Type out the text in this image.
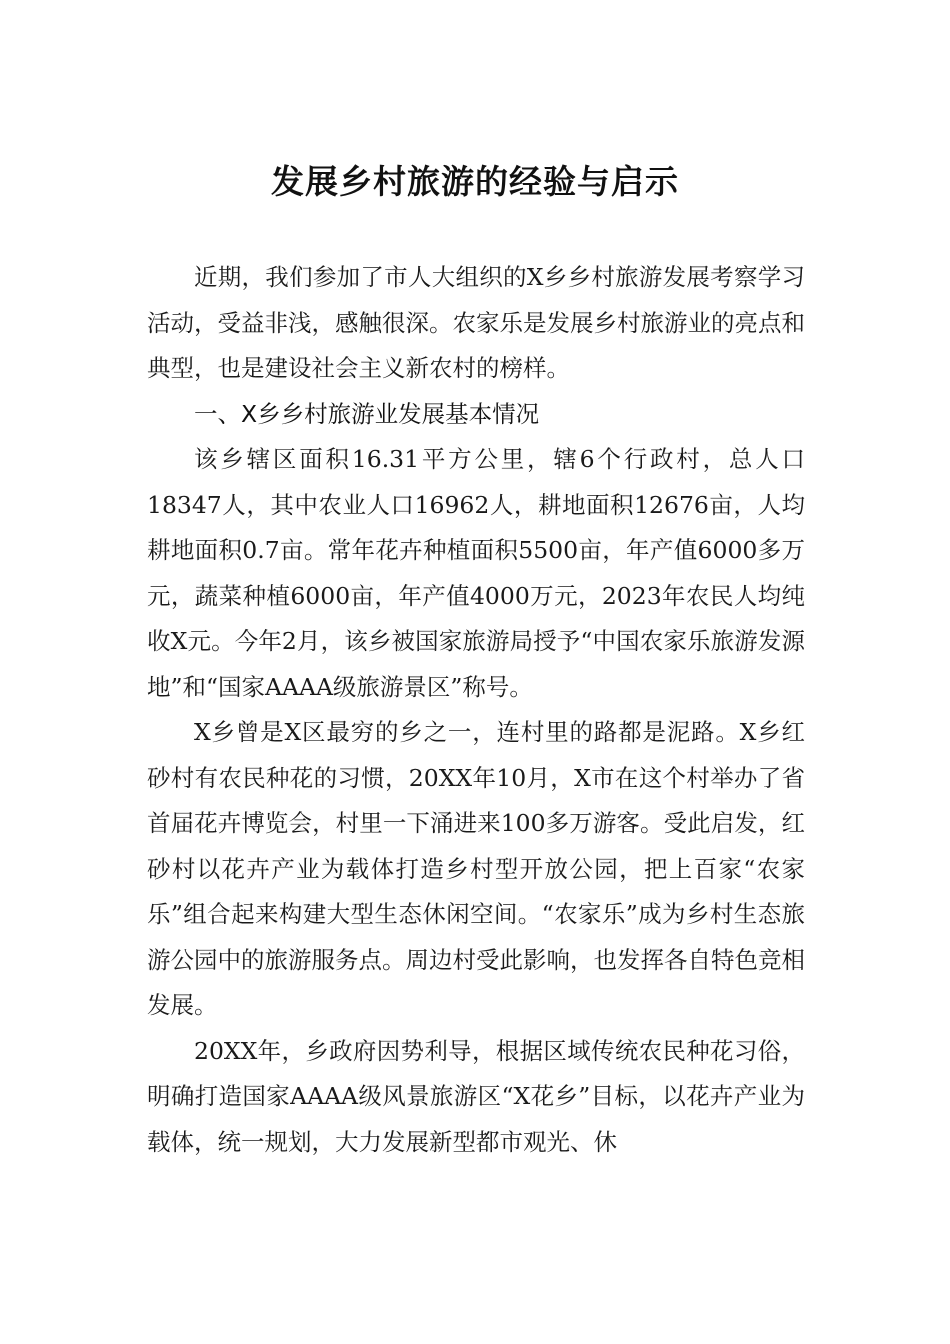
发展乡村旅游的经验与启示

近期，我们参加了市人大组织的X乡乡村旅游发展考察学习活动，受益非浅，感触很深。农家乐是发展乡村旅游业的亮点和典型，也是建设社会主义新农村的榜样。

一、X乡乡村旅游业发展基本情况

该乡辖区面积16.31平方公里，辖6个行政村，总人口18347人，其中农业人口16962人，耕地面积12676亩，人均耕地面积0.7亩。常年花卉种植面积5500亩，年产值6000多万元，蔬菜种植6000亩，年产值4000万元，2023年农民人均纯收X元。今年2月，该乡被国家旅游局授予“中国农家乐旅游发源地”和“国家AAAA级旅游景区”称号。

X乡曾是X区最穷的乡之一，连村里的路都是泥路。X乡红砂村有农民种花的习惯，20XX年10月，X市在这个村举办了省首届花卉博览会，村里一下涌进来100多万游客。受此启发，红砂村以花卉产业为载体打造乡村型开放公园，把上百家“农家乐”组合起来构建大型生态休闲空间。“农家乐”成为乡村生态旅游公园中的旅游服务点。周边村受此影响，也发挥各自特色竞相发展。

20XX年，乡政府因势利导，根据区域传统农民种花习俗，明确打造国家AAAA级风景旅游区“X花乡”目标，以花卉产业为载体，统一规划，大力发展新型都市观光、休
